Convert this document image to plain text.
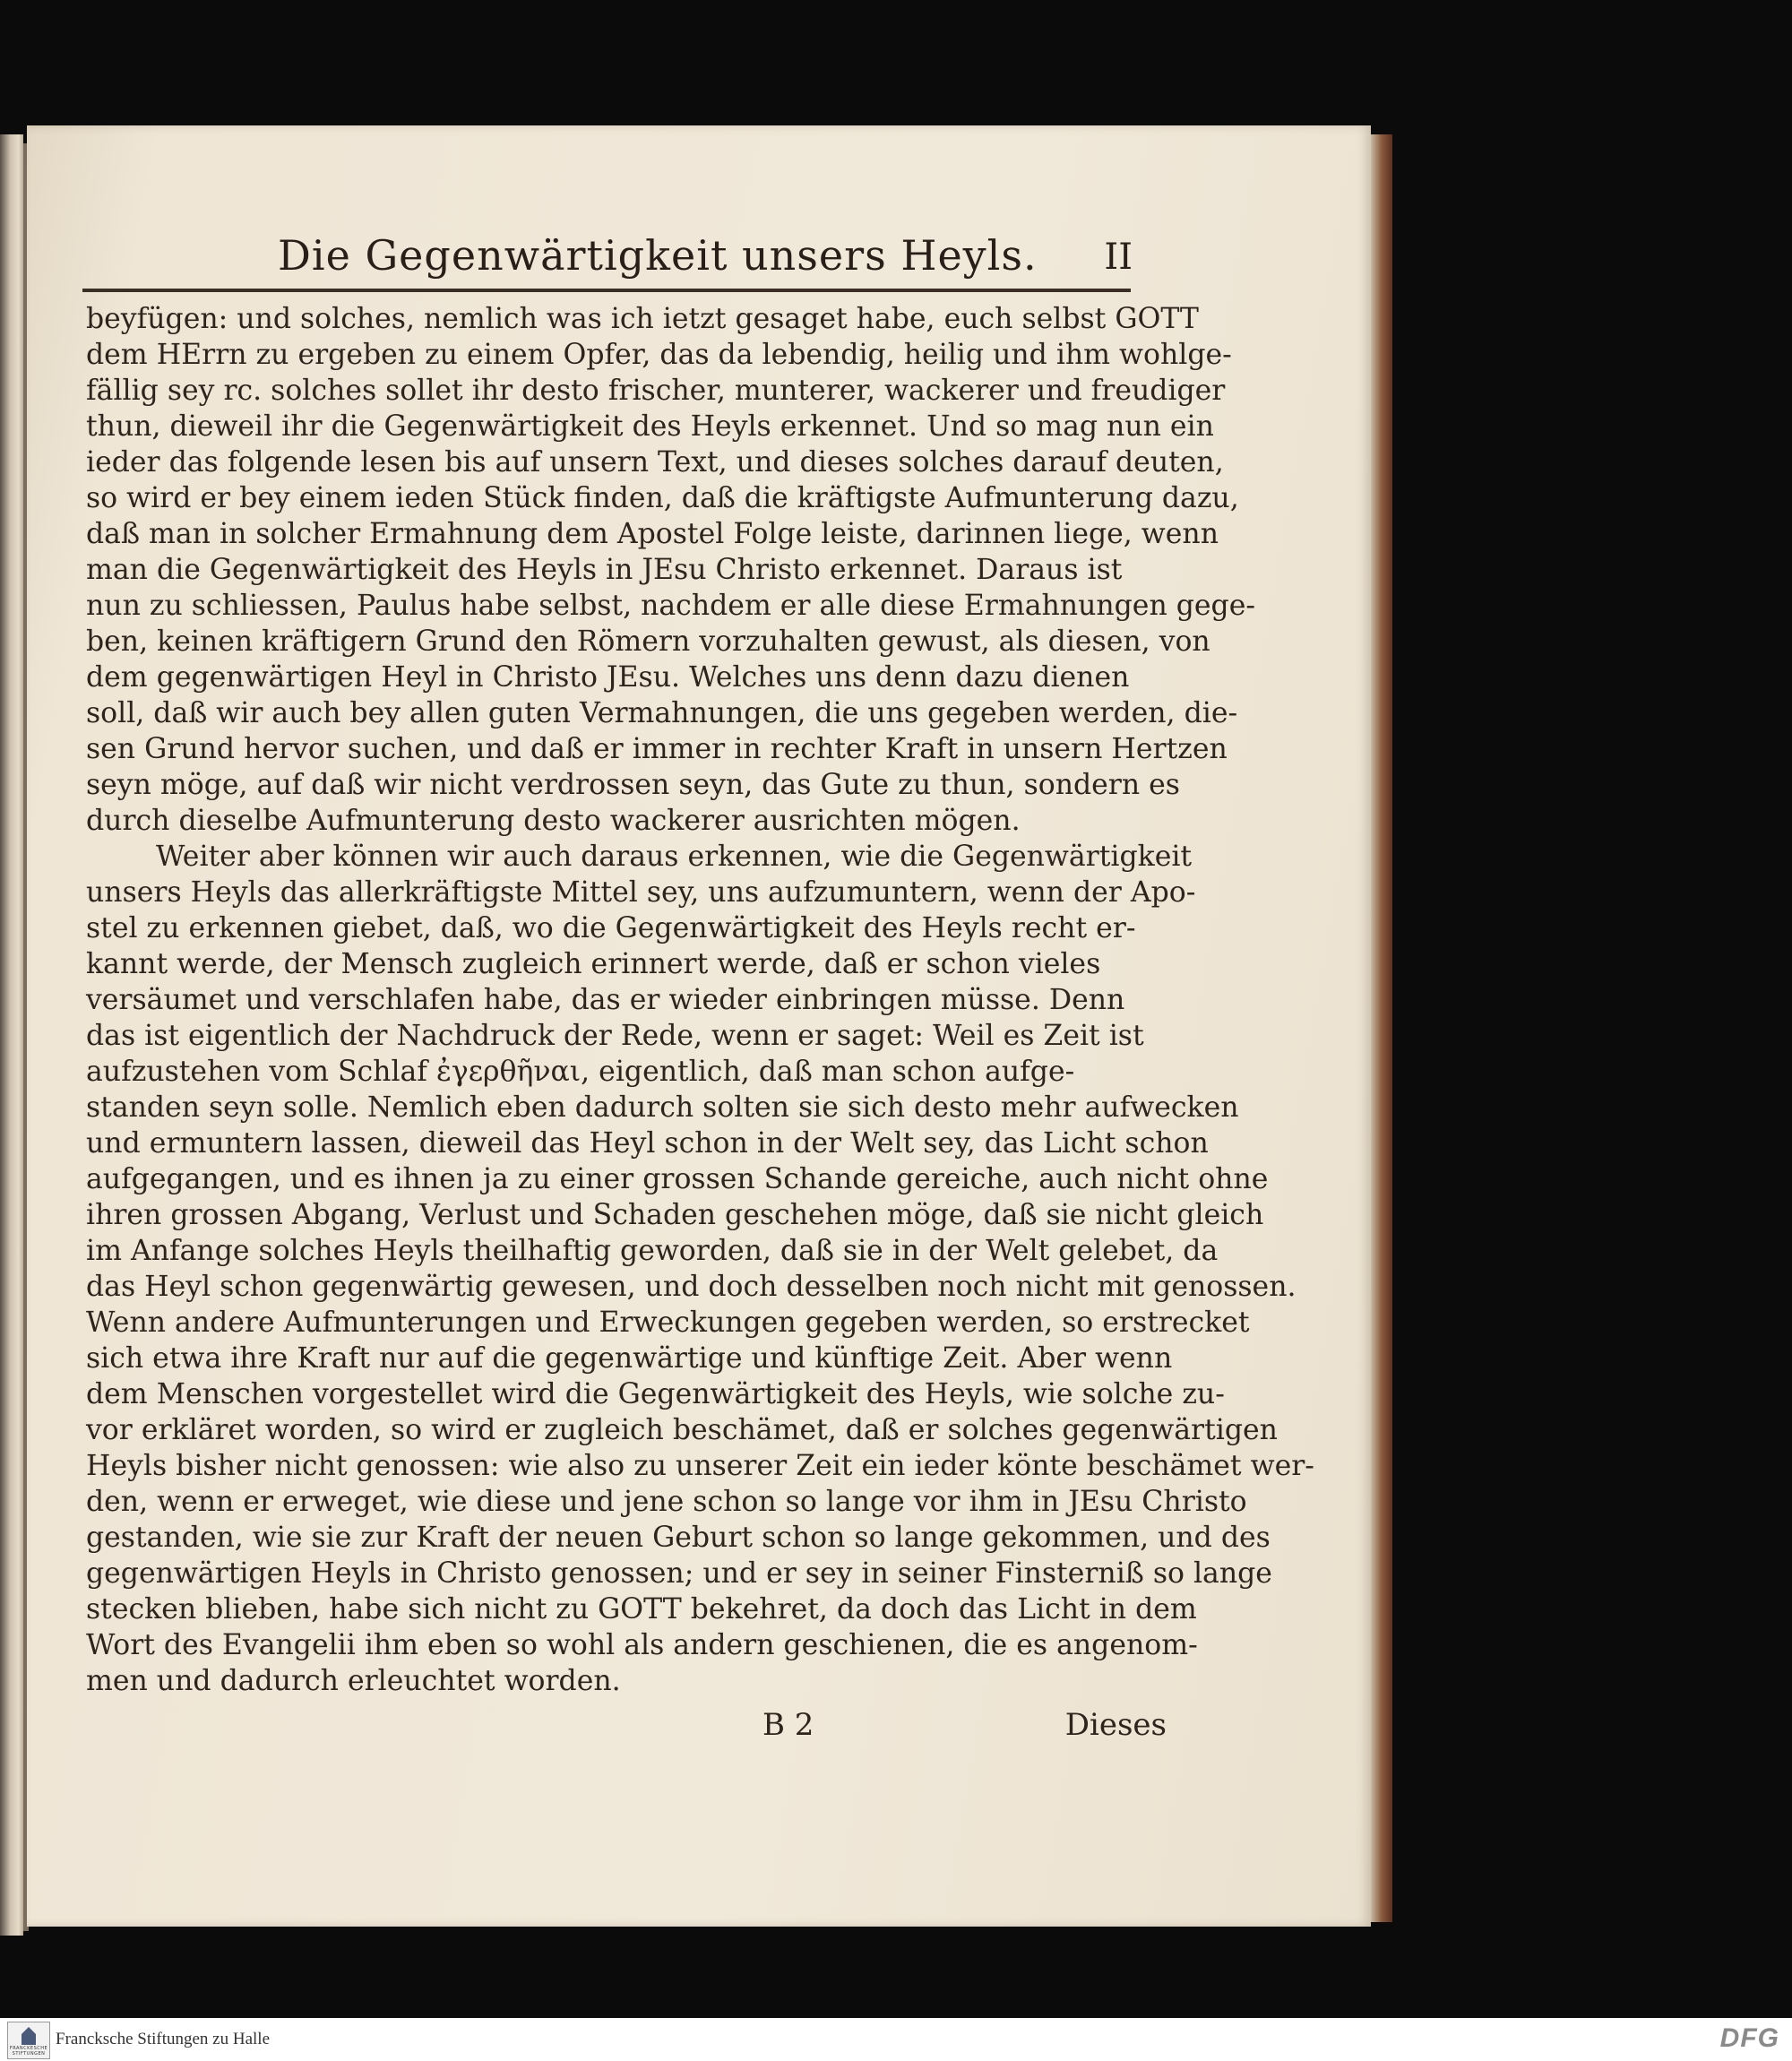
Die Gegenwärtigkeit unsers Heyls. II
beyfügen: und solches, nemlich was ich ietzt gesaget habe, euch selbst GOTT
dem HErrn zu ergeben zu einem Opfer, das da lebendig, heilig und ihm wohlge-
fällig sey rc. solches sollet ihr desto frischer, munterer, wackerer und freudiger
thun, dieweil ihr die Gegenwärtigkeit des Heyls erkennet. Und so mag nun ein
ieder das folgende lesen bis auf unsern Text, und dieses solches darauf deuten,
so wird er bey einem ieden Stück finden, daß die kräftigste Aufmunterung dazu,
daß man in solcher Ermahnung dem Apostel Folge leiste, darinnen liege, wenn
man die Gegenwärtigkeit des Heyls in JEsu Christo erkennet. Daraus ist
nun zu schliessen, Paulus habe selbst, nachdem er alle diese Ermahnungen gege-
ben, keinen kräftigern Grund den Römern vorzuhalten gewust, als diesen, von
dem gegenwärtigen Heyl in Christo JEsu. Welches uns denn dazu dienen
soll, daß wir auch bey allen guten Vermahnungen, die uns gegeben werden, die-
sen Grund hervor suchen, und daß er immer in rechter Kraft in unsern Hertzen
seyn möge, auf daß wir nicht verdrossen seyn, das Gute zu thun, sondern es
durch dieselbe Aufmunterung desto wackerer ausrichten mögen.
Weiter aber können wir auch daraus erkennen, wie die Gegenwärtigkeit
unsers Heyls das allerkräftigste Mittel sey, uns aufzumuntern, wenn der Apo-
stel zu erkennen giebet, daß, wo die Gegenwärtigkeit des Heyls recht er-
kannt werde, der Mensch zugleich erinnert werde, daß er schon vieles
versäumet und verschlafen habe, das er wieder einbringen müsse. Denn
das ist eigentlich der Nachdruck der Rede, wenn er saget: Weil es Zeit ist
aufzustehen vom Schlaf ἐγερθῆναι, eigentlich, daß man schon aufge-
standen seyn solle. Nemlich eben dadurch solten sie sich desto mehr aufwecken
und ermuntern lassen, dieweil das Heyl schon in der Welt sey, das Licht schon
aufgegangen, und es ihnen ja zu einer grossen Schande gereiche, auch nicht ohne
ihren grossen Abgang, Verlust und Schaden geschehen möge, daß sie nicht gleich
im Anfange solches Heyls theilhaftig geworden, daß sie in der Welt gelebet, da
das Heyl schon gegenwärtig gewesen, und doch desselben noch nicht mit genossen.
Wenn andere Aufmunterungen und Erweckungen gegeben werden, so erstrecket
sich etwa ihre Kraft nur auf die gegenwärtige und künftige Zeit. Aber wenn
dem Menschen vorgestellet wird die Gegenwärtigkeit des Heyls, wie solche zu-
vor erkläret worden, so wird er zugleich beschämet, daß er solches gegenwärtigen
Heyls bisher nicht genossen: wie also zu unserer Zeit ein ieder könte beschämet wer-
den, wenn er erweget, wie diese und jene schon so lange vor ihm in JEsu Christo
gestanden, wie sie zur Kraft der neuen Geburt schon so lange gekommen, und des
gegenwärtigen Heyls in Christo genossen; und er sey in seiner Finsterniß so lange
stecken blieben, habe sich nicht zu GOTT bekehret, da doch das Licht in dem
Wort des Evangelii ihm eben so wohl als andern geschienen, die es angenom-
men und dadurch erleuchtet worden.
B 2	Dieses
FRANCKESCHE STIFTUNGEN
Francksche Stiftungen zu Halle	DFG
